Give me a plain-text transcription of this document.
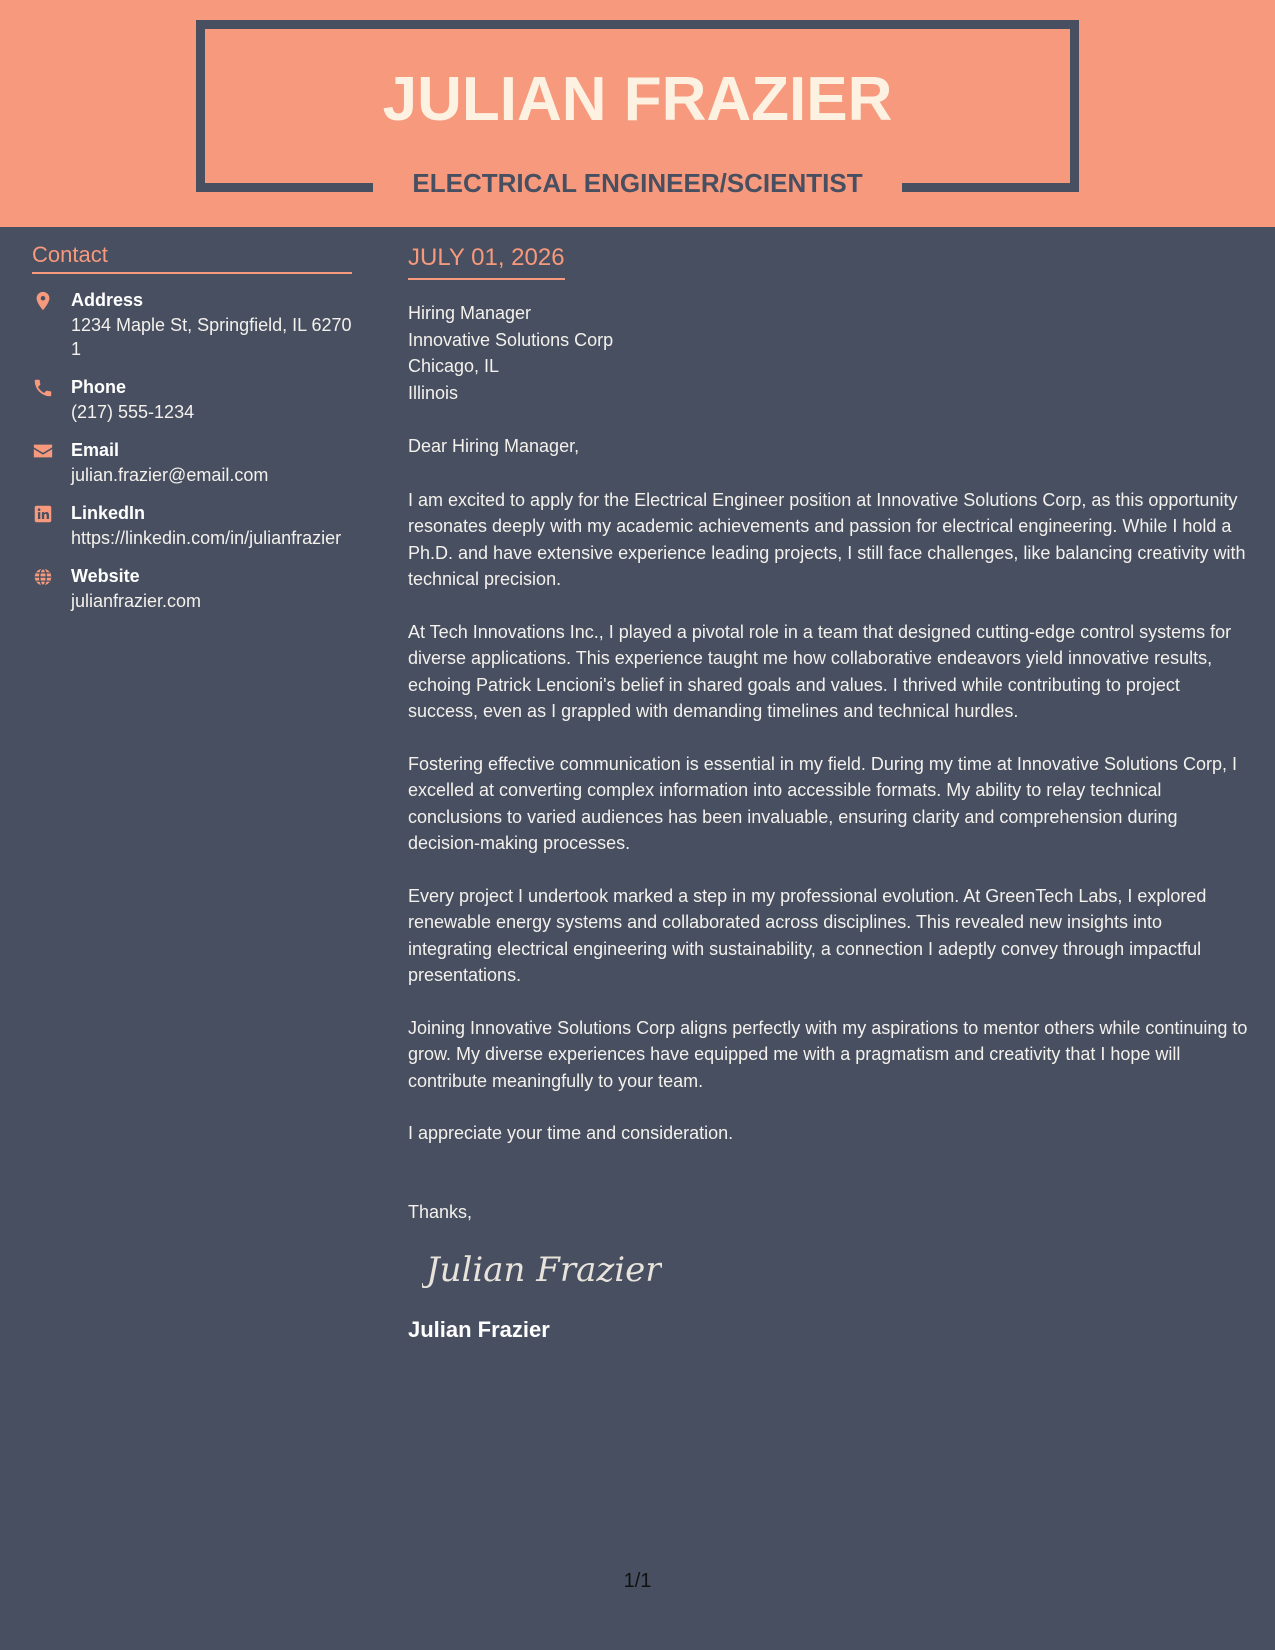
JULIAN FRAZIER
ELECTRICAL ENGINEER/SCIENTIST
Contact
Address
1234 Maple St, Springfield, IL 62701
Phone
(217) 555-1234
Email
julian.frazier@email.com
LinkedIn
https://linkedin.com/in/julianfrazier
Website
julianfrazier.com
JULY 01, 2026
Hiring Manager
Innovative Solutions Corp
Chicago, IL
Illinois
Dear Hiring Manager,

I am excited to apply for the Electrical Engineer position at Innovative Solutions Corp, as this opportunity resonates deeply with my academic achievements and passion for electrical engineering. While I hold a Ph.D. and have extensive experience leading projects, I still face challenges, like balancing creativity with technical precision.

At Tech Innovations Inc., I played a pivotal role in a team that designed cutting-edge control systems for diverse applications. This experience taught me how collaborative endeavors yield innovative results, echoing Patrick Lencioni's belief in shared goals and values. I thrived while contributing to project success, even as I grappled with demanding timelines and technical hurdles.

Fostering effective communication is essential in my field. During my time at Innovative Solutions Corp, I excelled at converting complex information into accessible formats. My ability to relay technical conclusions to varied audiences has been invaluable, ensuring clarity and comprehension during decision-making processes.

Every project I undertook marked a step in my professional evolution. At GreenTech Labs, I explored renewable energy systems and collaborated across disciplines. This revealed new insights into integrating electrical engineering with sustainability, a connection I adeptly convey through impactful presentations.

Joining Innovative Solutions Corp aligns perfectly with my aspirations to mentor others while continuing to grow. My diverse experiences have equipped me with a pragmatism and creativity that I hope will contribute meaningfully to your team.

I appreciate your time and consideration.

Thanks,
Julian Frazier
Julian Frazier
1/1
